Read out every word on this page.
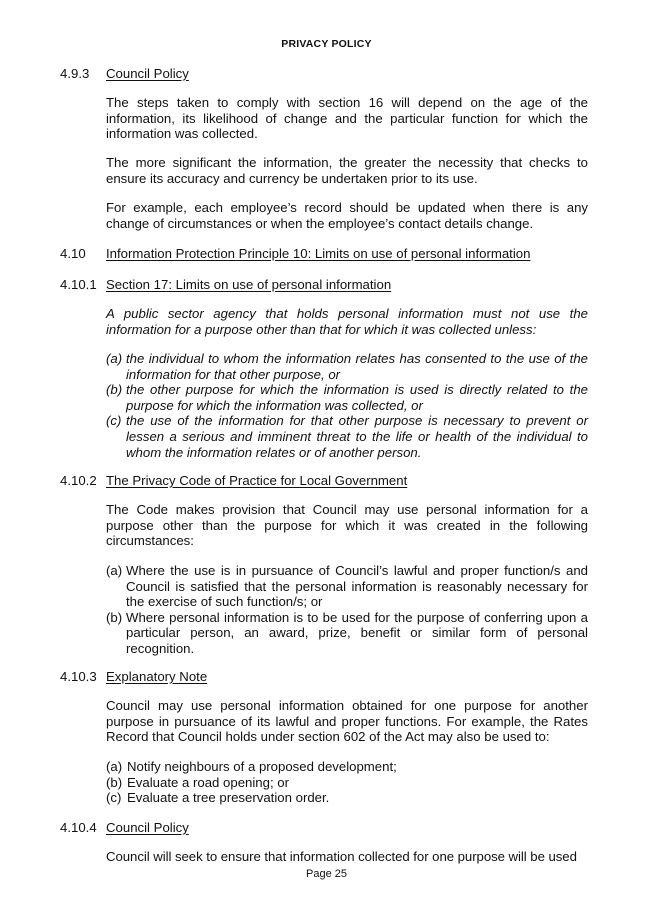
PRIVACY POLICY
4.9.3	Council Policy
The steps taken to comply with section 16 will depend on the age of the information, its likelihood of change and the particular function for which the information was collected.
The more significant the information, the greater the necessity that checks to ensure its accuracy and currency be undertaken prior to its use.
For example, each employee’s record should be updated when there is any change of circumstances or when the employee’s contact details change.
4.10	Information Protection Principle 10: Limits on use of personal information
4.10.1 Section 17: Limits on use of personal information
A public sector agency that holds personal information must not use the information for a purpose other than that for which it was collected unless:
(a) the individual to whom the information relates has consented to the use of the information for that other purpose, or
(b) the other purpose for which the information is used is directly related to the purpose for which the information was collected, or
(c) the use of the information for that other purpose is necessary to prevent or lessen a serious and imminent threat to the life or health of the individual to whom the information relates or of another person.
4.10.2 The Privacy Code of Practice for Local Government
The Code makes provision that Council may use personal information for a purpose other than the purpose for which it was created in the following circumstances:
(a) Where the use is in pursuance of Council’s lawful and proper function/s and Council is satisfied that the personal information is reasonably necessary for the exercise of such function/s; or
(b) Where personal information is to be used for the purpose of conferring upon a particular person, an award, prize, benefit or similar form of personal recognition.
4.10.3 Explanatory Note
Council may use personal information obtained for one purpose for another purpose in pursuance of its lawful and proper functions. For example, the Rates Record that Council holds under section 602 of the Act may also be used to:
(a) Notify neighbours of a proposed development;
(b) Evaluate a road opening; or
(c) Evaluate a tree preservation order.
4.10.4 Council Policy
Council will seek to ensure that information collected for one purpose will be used
Page 25
